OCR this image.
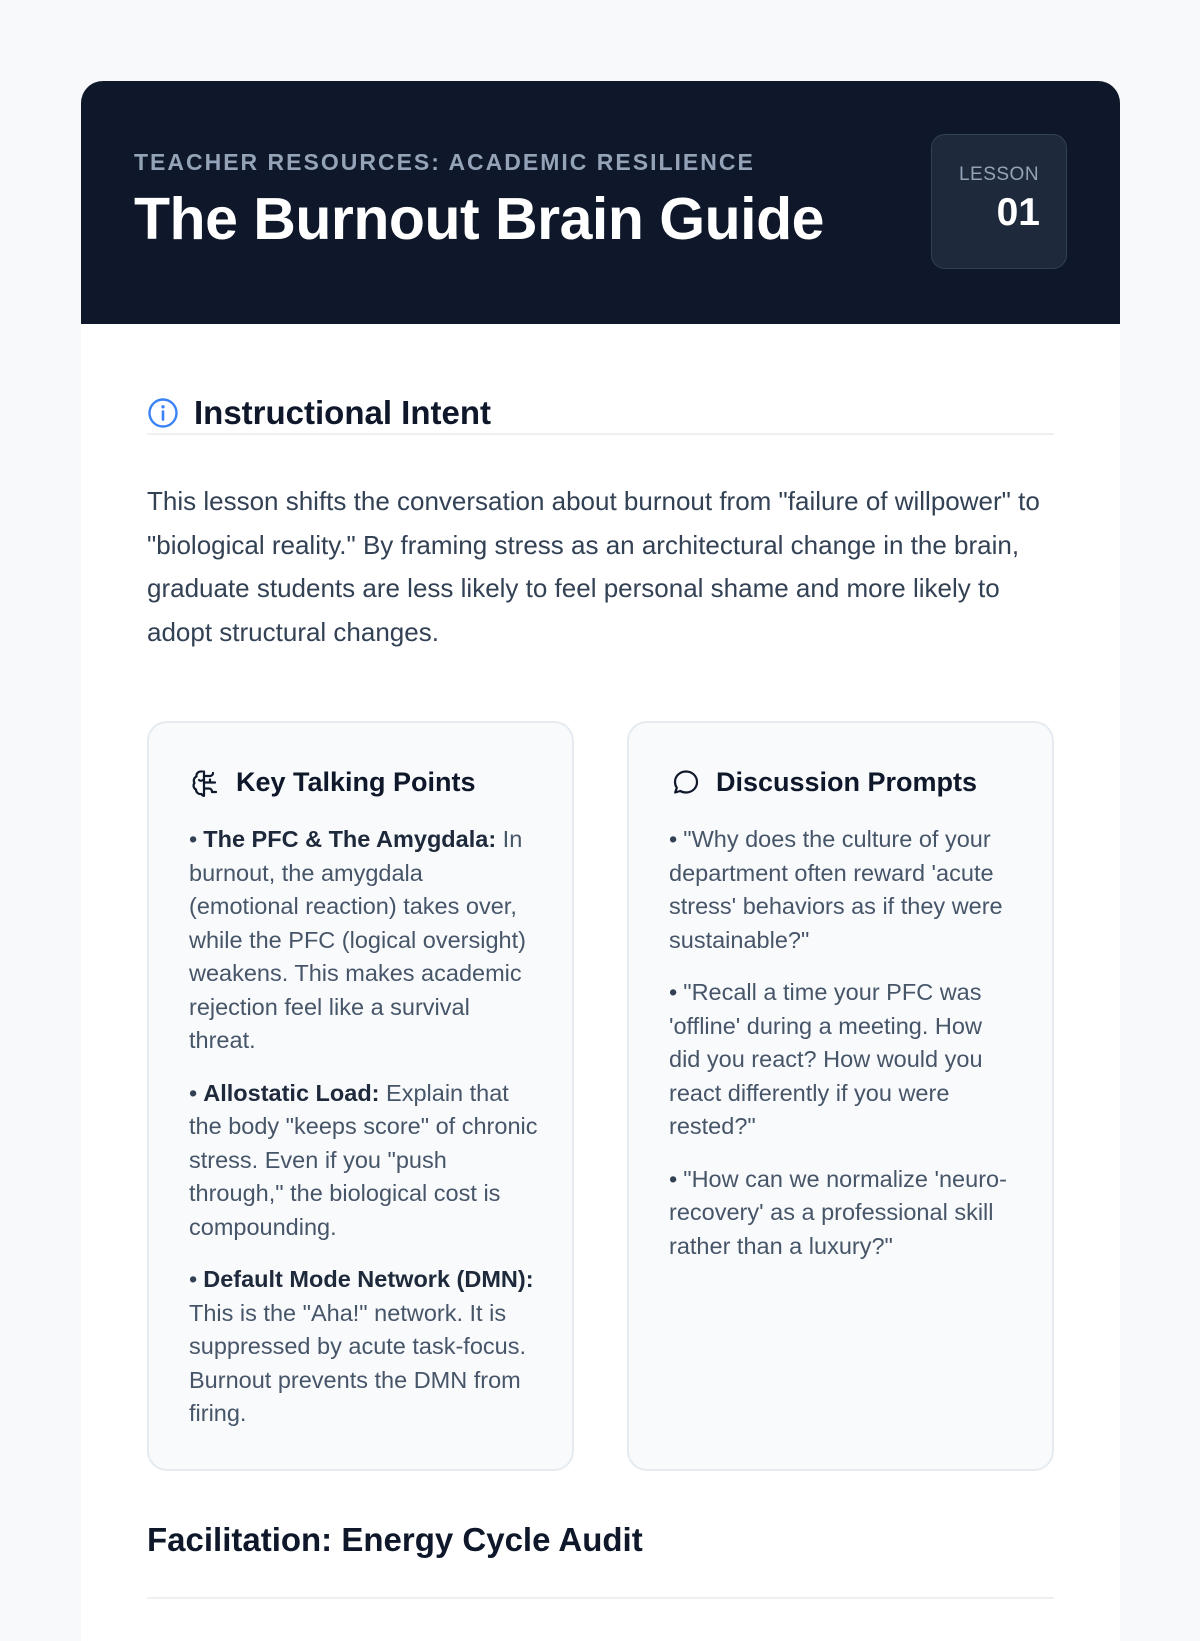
TEACHER RESOURCES: ACADEMIC RESILIENCE
The Burnout Brain Guide
LESSON
01
Instructional Intent

This lesson shifts the conversation about burnout from "failure of willpower" to "biological reality." By framing stress as an architectural change in the brain, graduate students are less likely to feel personal shame and more likely to adopt structural changes.

Key Talking Points
• The PFC & The Amygdala: In burnout, the amygdala (emotional reaction) takes over, while the PFC (logical oversight) weakens. This makes academic rejection feel like a survival threat.
• Allostatic Load: Explain that the body "keeps score" of chronic stress. Even if you "push through," the biological cost is compounding.
• Default Mode Network (DMN): This is the "Aha!" network. It is suppressed by acute task-focus. Burnout prevents the DMN from firing.
Discussion Prompts
• "Why does the culture of your department often reward 'acute stress' behaviors as if they were sustainable?"
• "Recall a time your PFC was 'offline' during a meeting. How did you react? How would you react differently if you were rested?"
• "How can we normalize 'neuro-recovery' as a professional skill rather than a luxury?"
Facilitation: Energy Cycle Audit
